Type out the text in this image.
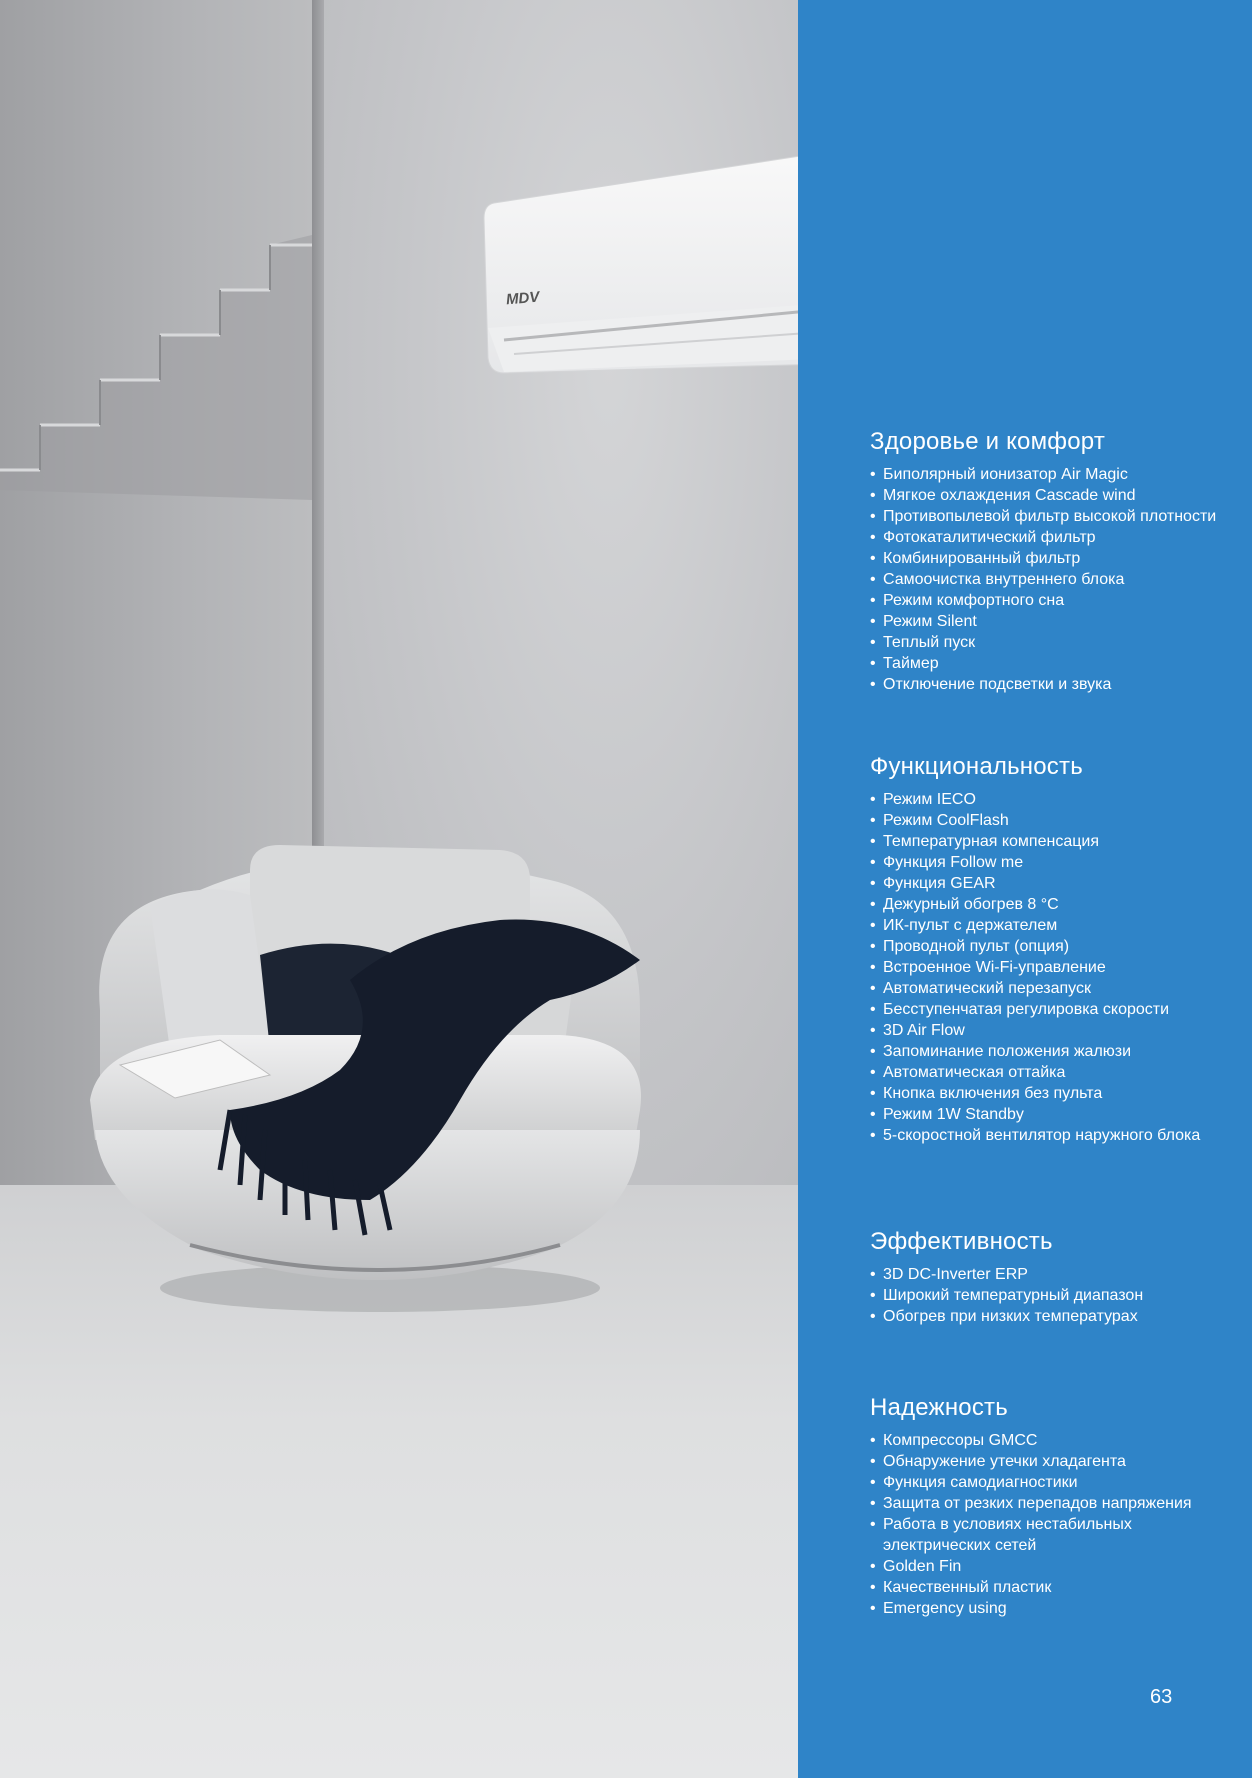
MDV
Здоровье и комфорт
• Биполярный ионизатор Air Magic
• Мягкое охлаждения Cascade wind
• Противопылевой фильтр высокой плотности
• Фотокаталитический фильтр
• Комбинированный фильтр
• Самоочистка внутреннего блока
• Режим комфортного сна
• Режим Silent
• Теплый пуск
• Таймер
• Отключение подсветки и звука
Функциональность
• Режим IECO
• Режим CoolFlash
• Температурная компенсация
• Функция Follow me
• Функция GEAR
• Дежурный обогрев 8 °С
• ИК-пульт с держателем
• Проводной пульт (опция)
• Встроенное Wi-Fi-управление
• Автоматический перезапуск
• Бесступенчатая регулировка скорости
• 3D Air Flow
• Запоминание положения жалюзи
• Автоматическая оттайка
• Кнопка включения без пульта
• Режим 1W Standby
• 5-скоростной вентилятор наружного блока
Эффективность
• 3D DC-Inverter ERP
• Широкий температурный диапазон
• Обогрев при низких температурах
Надежность
• Компрессоры GMCC
• Обнаружение утечки хладагента
• Функция самодиагностики
• Защита от резких перепадов напряжения
• Работа в условиях нестабильных электрических сетей
• Golden Fin
• Качественный пластик
• Emergency using
63
